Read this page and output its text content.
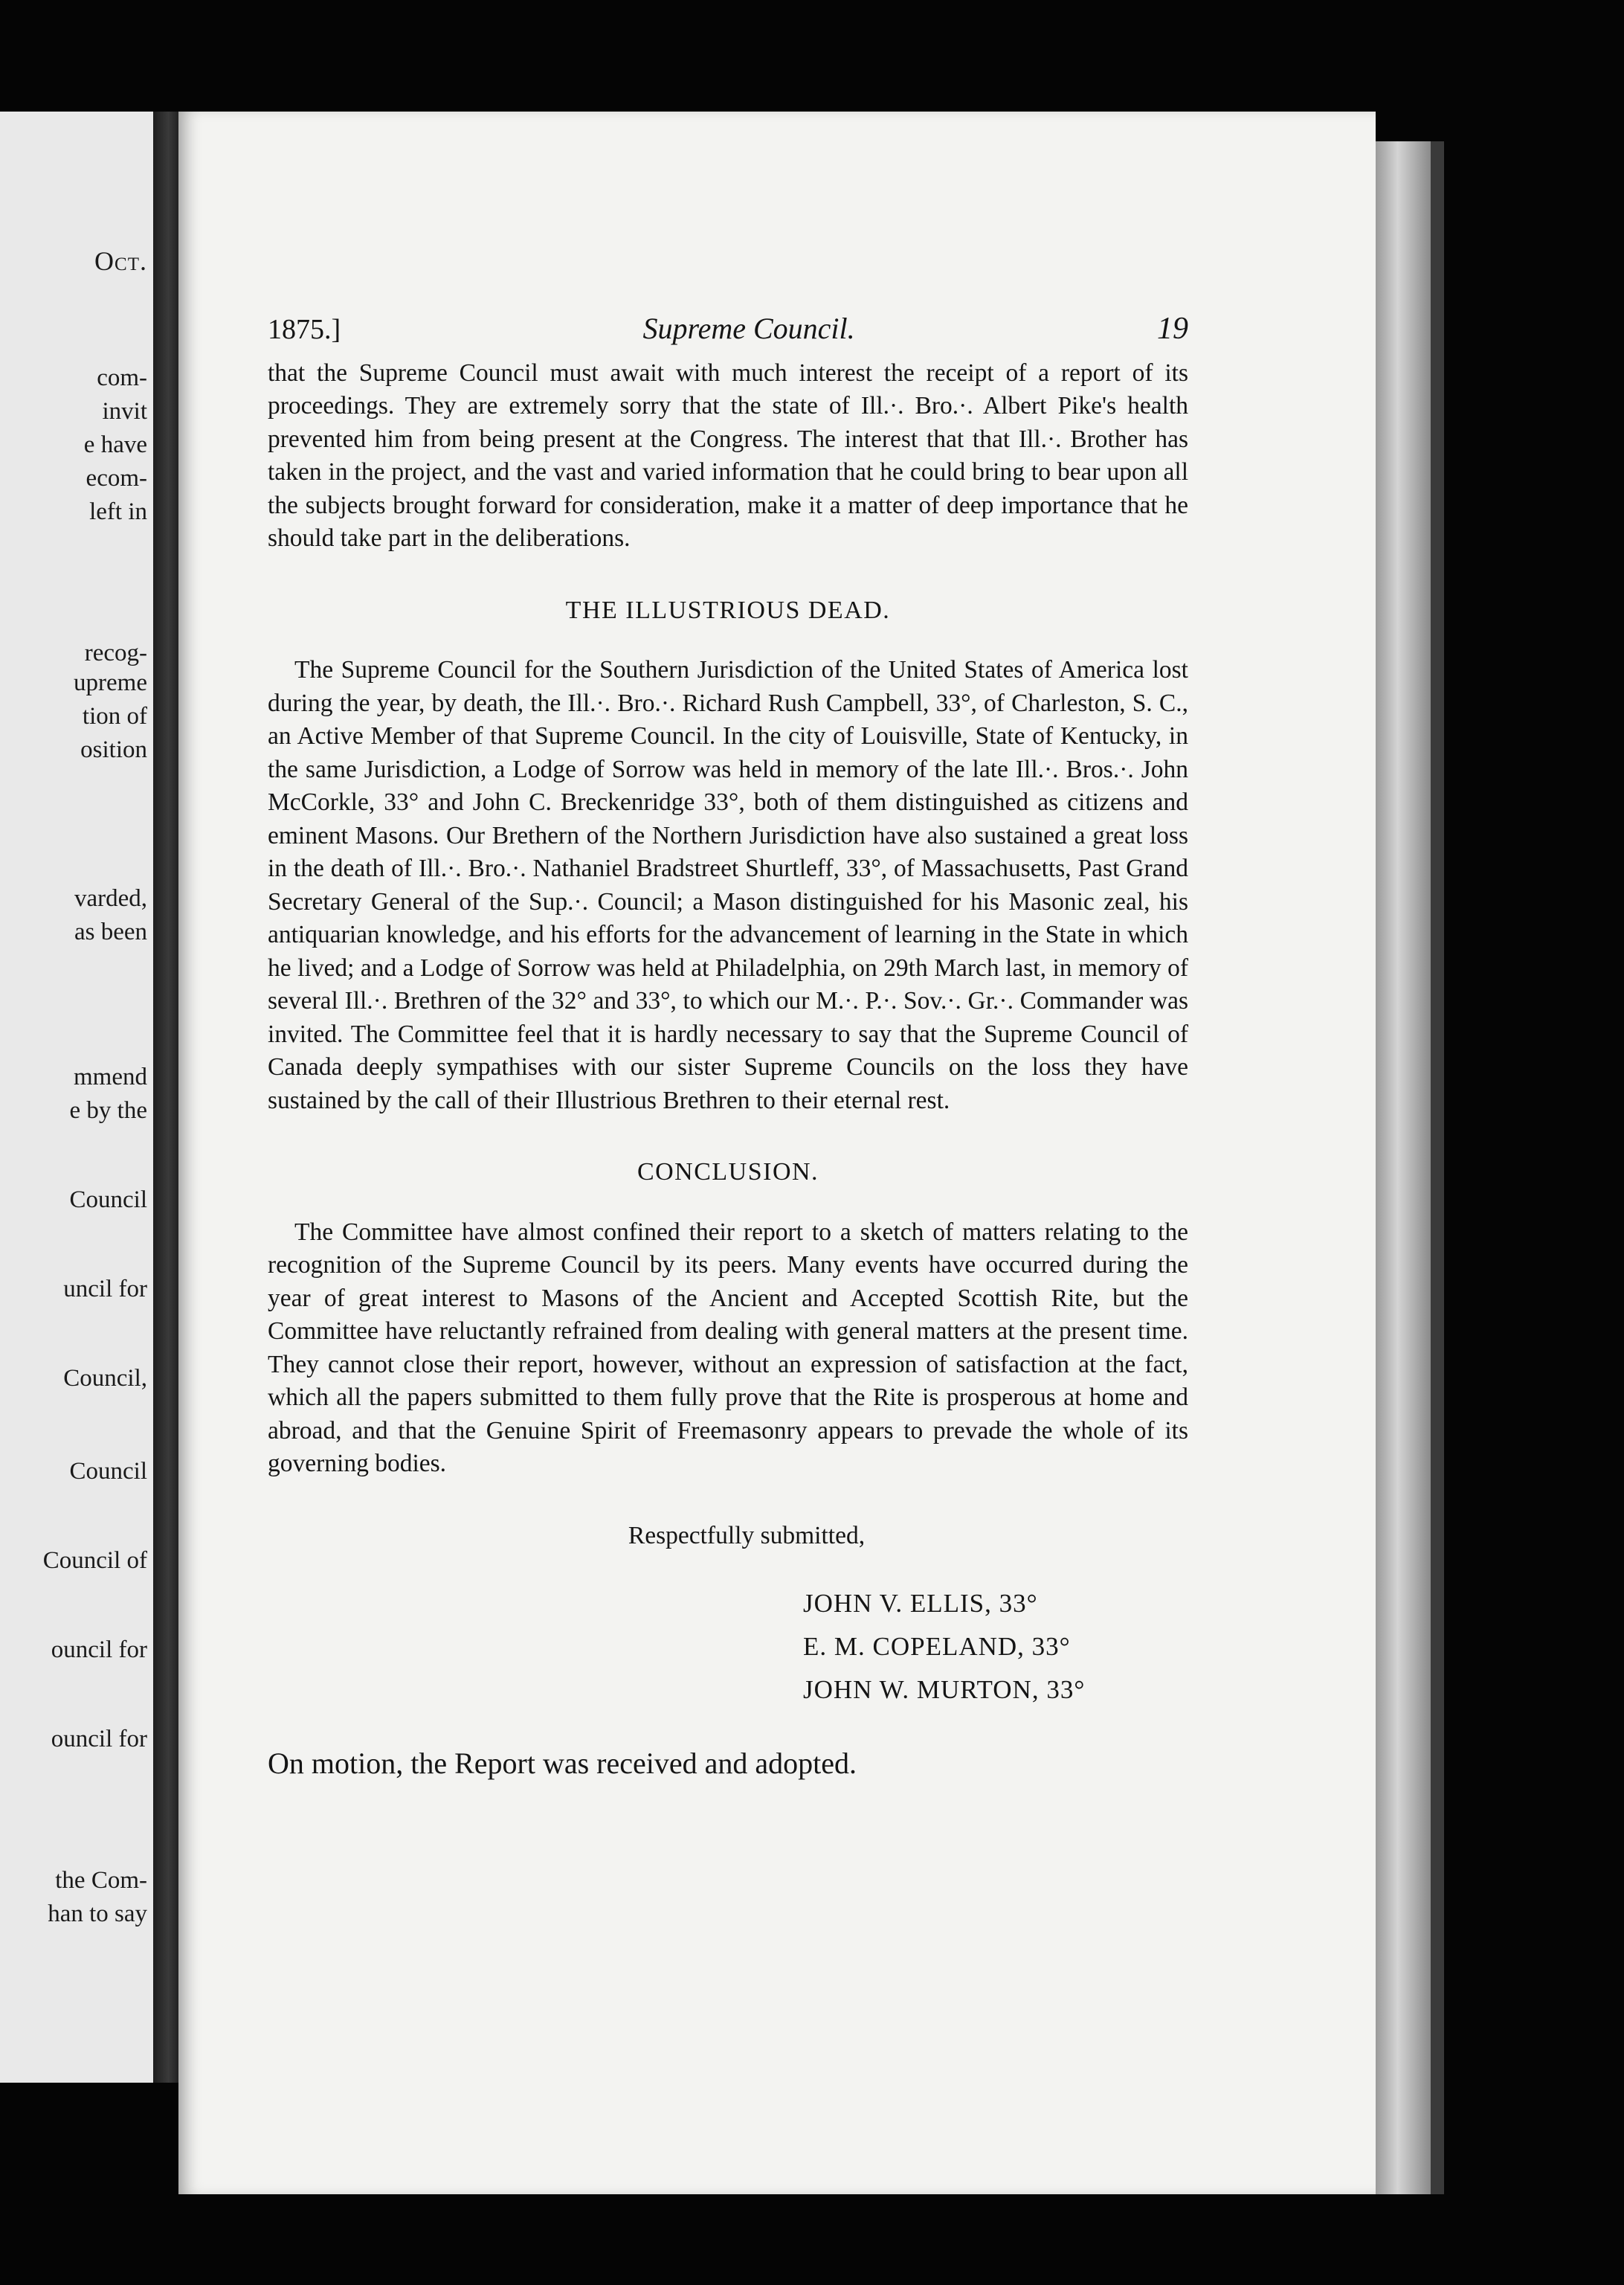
Oct.
com-
invit
e have
ecom-
left in
recog-
upreme
tion of
osition
varded,
as been
mmend
e by the
Council
uncil for
Council,
Council
Council of
ouncil for
ouncil for
the Com-
han to say
1875.]	Supreme Council.	19

that the Supreme Council must await with much interest the receipt of a report of its proceedings. They are extremely sorry that the state of Ill.·. Bro.·. Albert Pike's health prevented him from being present at the Congress. The interest that that Ill.·. Brother has taken in the project, and the vast and varied information that he could bring to bear upon all the subjects brought forward for consideration, make it a matter of deep importance that he should take part in the deliberations.

THE ILLUSTRIOUS DEAD.

The Supreme Council for the Southern Jurisdiction of the United States of America lost during the year, by death, the Ill.·. Bro.·. Richard Rush Campbell, 33°, of Charleston, S. C., an Active Member of that Supreme Council. In the city of Louisville, State of Kentucky, in the same Jurisdiction, a Lodge of Sorrow was held in memory of the late Ill.·. Bros.·. John McCorkle, 33° and John C. Breckenridge 33°, both of them distinguished as citizens and eminent Masons. Our Brethern of the Northern Jurisdiction have also sustained a great loss in the death of Ill.·. Bro.·. Nathaniel Bradstreet Shurtleff, 33°, of Massachusetts, Past Grand Secretary General of the Sup.·. Council; a Mason distinguished for his Masonic zeal, his antiquarian knowledge, and his efforts for the advancement of learning in the State in which he lived; and a Lodge of Sorrow was held at Philadelphia, on 29th March last, in memory of several Ill.·. Brethren of the 32° and 33°, to which our M.·. P.·. Sov.·. Gr.·. Commander was invited. The Committee feel that it is hardly necessary to say that the Supreme Council of Canada deeply sympathises with our sister Supreme Councils on the loss they have sustained by the call of their Illustrious Brethren to their eternal rest.

CONCLUSION.

The Committee have almost confined their report to a sketch of matters relating to the recognition of the Supreme Council by its peers. Many events have occurred during the year of great interest to Masons of the Ancient and Accepted Scottish Rite, but the Committee have reluctantly refrained from dealing with general matters at the present time. They cannot close their report, however, without an expression of satisfaction at the fact, which all the papers submitted to them fully prove that the Rite is prosperous at home and abroad, and that the Genuine Spirit of Freemasonry appears to prevade the whole of its governing bodies.

Respectfully submitted,
JOHN V. ELLIS, 33°
E. M. COPELAND, 33°
JOHN W. MURTON, 33°

On motion, the Report was received and adopted.
